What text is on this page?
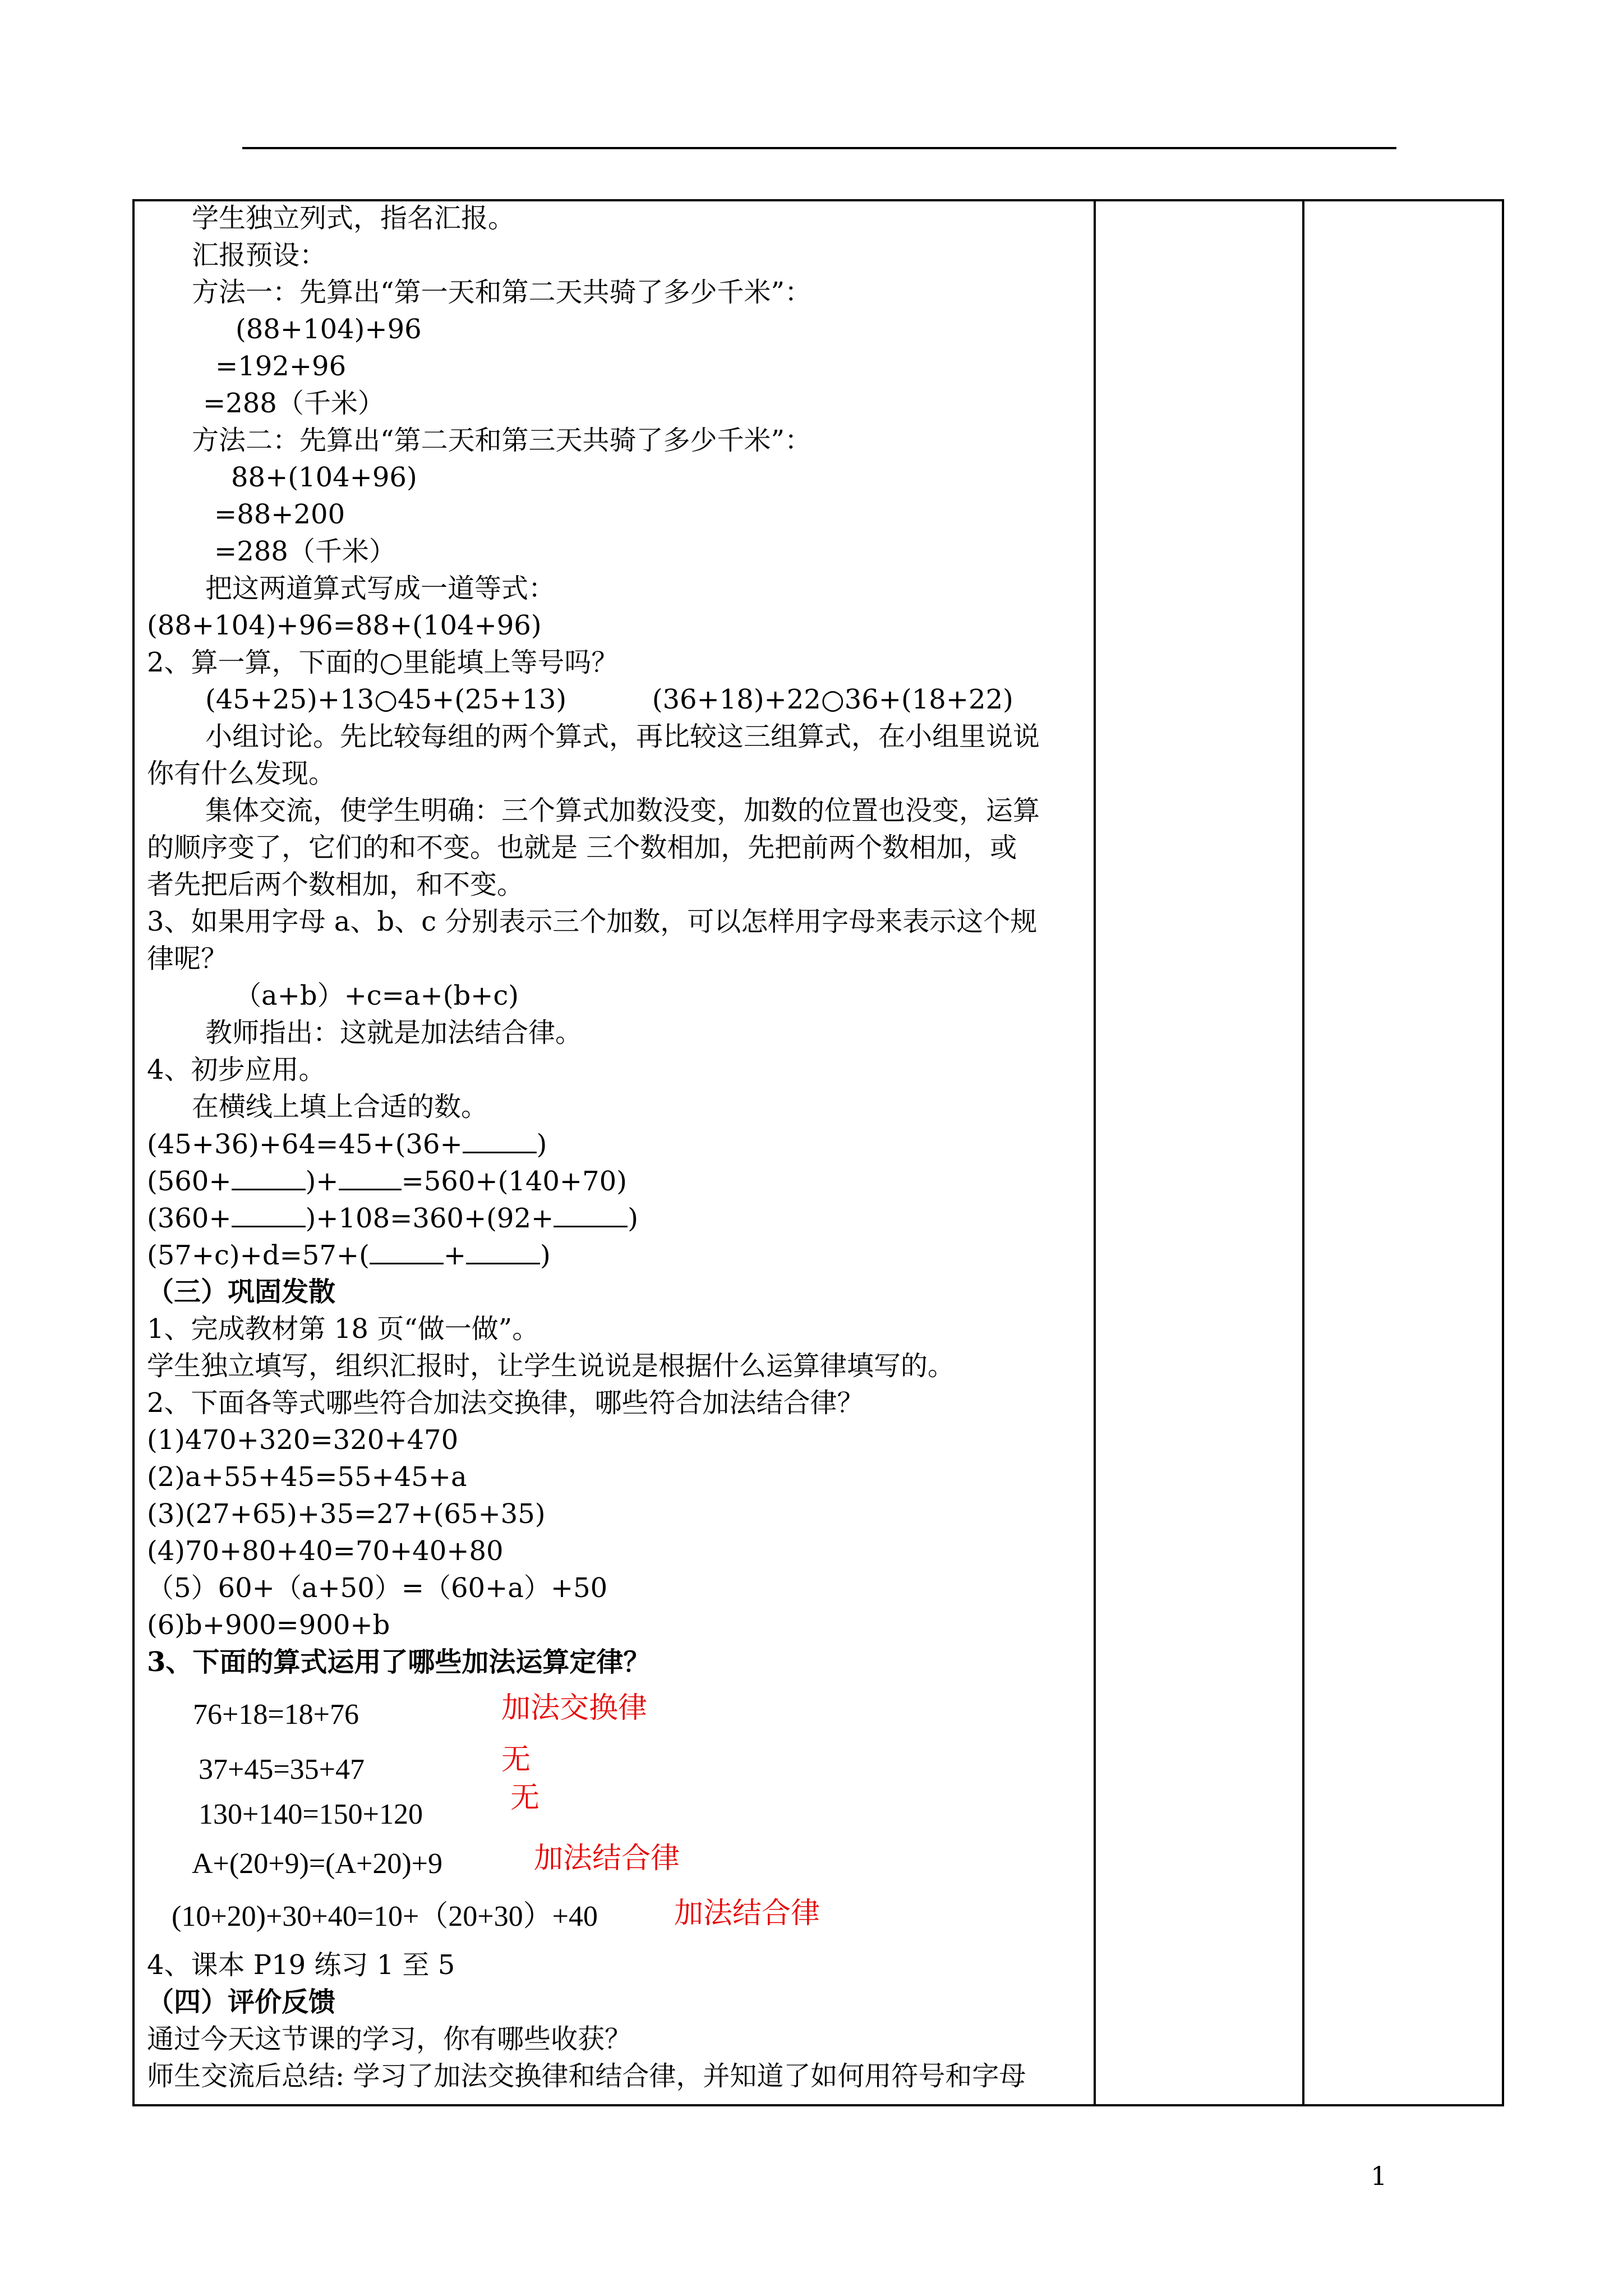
学生独立列式，指名汇报。
汇报预设：
方法一：先算出“第一天和第二天共骑了多少千米”：
(88+104)+96
=192+96
=288（千米）
方法二：先算出“第二天和第三天共骑了多少千米”：
88+(104+96)
=88+200
=288（千米）
把这两道算式写成一道等式：
(88+104)+96=88+(104+96)
2、算一算，下面的○里能填上等号吗？
(45+25)+13○45+(25+13)          (36+18)+22○36+(18+22)
小组讨论。先比较每组的两个算式，再比较这三组算式，在小组里说说
你有什么发现。
集体交流，使学生明确：三个算式加数没变，加数的位置也没变，运算
的顺序变了，它们的和不变。也就是 三个数相加，先把前两个数相加，或
者先把后两个数相加，和不变。
3、如果用字母 a、b、c 分别表示三个加数，可以怎样用字母来表示这个规
律呢？
（a+b）+c=a+(b+c)
教师指出：这就是加法结合律。
4、初步应用。
在横线上填上合适的数。
(45+36)+64=45+(36+	)
(560+	)+ =560+(140+70)
(360+	)+108=360+(92+	)
(57+c)+d=57+(	+	)
（三）巩固发散
1、完成教材第 18 页“做一做”。
学生独立填写，组织汇报时，让学生说说是根据什么运算律填写的。
2、下面各等式哪些符合加法交换律，哪些符合加法结合律？
(1)470+320=320+470
(2)a+55+45=55+45+a
(3)(27+65)+35=27+(65+35)
(4)70+80+40=70+40+80
（5）60+（a+50）=（60+a）+50
(6)b+900=900+b
3、下面的算式运用了哪些加法运算定律？
76+18=18+76	加法交换律
37+45=35+47	无
130+140=150+120	无
A+(20+9)=(A+20)+9	加法结合律
(10+20)+30+40=10+（20+30）+40	加法结合律
4、课本 P19 练习 1 至 5
（四）评价反馈
通过今天这节课的学习，你有哪些收获？
师生交流后总结: 学习了加法交换律和结合律，并知道了如何用符号和字母
1
